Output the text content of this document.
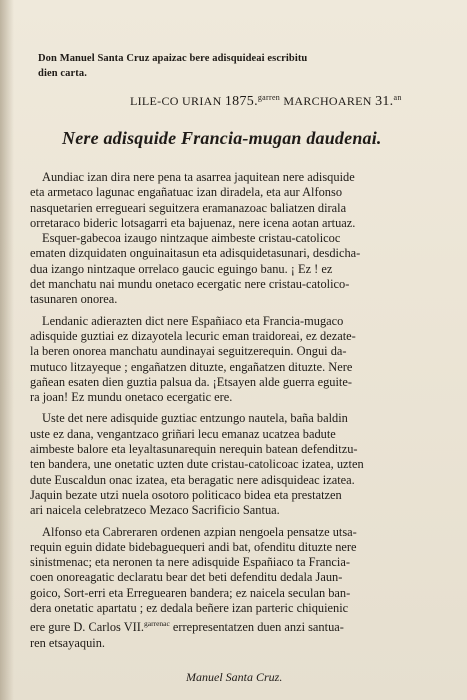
Don Manuel Santa Cruz apaizac bere adisquideai escribitu
dien carta.
LILE-CO URIAN 1875.$^{garren}$ MARCHOAREN 31.$^{an}$
Nere adisquide Francia-mugan daudenai.
Aundiac izan dira nere pena ta asarrea jaquitean nere adisquide
eta armetaco lagunac engañatuac izan diradela, eta aur Alfonso
nasquetarien erregueari seguitzera eramanazoac baliatzen dirala
orretaraco bideric lotsagarri eta bajuenaz, nere icena aotan artuaz.
Esquer-gabecoa izaugo nintzaque aimbeste cristau-catolicoc
ematen dizquidaten onguinaitasun eta adisquidetasunari, desdicha-
dua izango nintzaque orrelaco gaucic eguingo banu. ¡ Ez ! ez
det manchatu nai mundu onetaco ecergatic nere cristau-catolico-
tasunaren onorea.
Lendanic adierazten dict nere Españiaco eta Francia-mugaco
adisquide guztiai ez dizayotela lecuric eman traidoreai, ez dezate-
la beren onorea manchatu aundinayai seguitzerequin. Ongui da-
mutuco litzayeque ; engañatzen dituzte, engañatzen dituzte. Nere
gañean esaten dien guztia palsua da. ¡Etsayen alde guerra eguite-
ra joan! Ez mundu onetaco ecergatic ere.
Uste det nere adisquide guztiac entzungo nautela, baña baldin
uste ez dana, vengantzaco griñari lecu emanaz ucatzea badute
aimbeste balore eta leyaltasunarequin nerequin batean defenditzu-
ten bandera, une onetatic uzten dute cristau-catolicoac izatea, uzten
dute Euscaldun onac izatea, eta beragatic nere adisquideac izatea.
Jaquin bezate utzi nuela osotoro politicaco bidea eta prestatzen
ari naicela celebratzeco Mezaco Sacrificio Santua.
Alfonso eta Cabreraren ordenen azpian nengoela pensatze utsa-
requin eguin didate bidebaguequeri andi bat, ofenditu dituzte nere
sinistmenac; eta neronen ta nere adisquide Españiaco ta Francia-
coen onoreagatic declaratu bear det beti defenditu dedala Jaun-
goico, Sort-erri eta Erreguearen bandera; ez naicela seculan ban-
dera onetatic apartatu ; ez dedala beñere izan parteric chiquienic
ere gure D. Carlos VII.$^{garrenac}$ errepresentatzen duen anzi santua-
ren etsayaquin.
Manuel Santa Cruz.
